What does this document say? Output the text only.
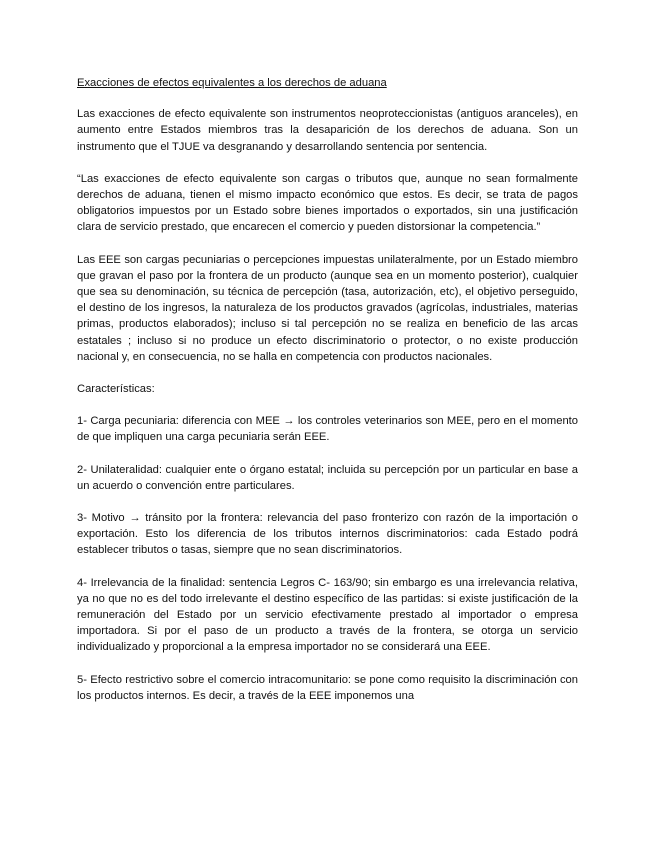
Exacciones de efectos equivalentes a los derechos de aduana

Las exacciones de efecto equivalente son instrumentos neoproteccionistas (antiguos aranceles), en aumento entre Estados miembros tras la desaparición de los derechos de aduana. Son un instrumento que el TJUE va desgranando y desarrollando sentencia por sentencia.

“Las exacciones de efecto equivalente son cargas o tributos que, aunque no sean formalmente derechos de aduana, tienen el mismo impacto económico que estos. Es decir, se trata de pagos obligatorios impuestos por un Estado sobre bienes importados o exportados, sin una justificación clara de servicio prestado, que encarecen el comercio y pueden distorsionar la competencia.”

Las EEE son cargas pecuniarias o percepciones impuestas unilateralmente, por un Estado miembro que gravan el paso por la frontera de un producto (aunque sea en un momento posterior), cualquier que sea su denominación, su técnica de percepción (tasa, autorización, etc), el objetivo perseguido, el destino de los ingresos, la naturaleza de los productos gravados (agrícolas, industriales, materias primas, productos elaborados); incluso si tal percepción no se realiza en beneficio de las arcas estatales ; incluso si no produce un efecto discriminatorio o protector, o no existe producción nacional y, en consecuencia, no se halla en competencia con productos nacionales.

Características:

1- Carga pecuniaria: diferencia con MEE → los controles veterinarios son MEE, pero en el momento de que impliquen una carga pecuniaria serán EEE.

2- Unilateralidad: cualquier ente o órgano estatal; incluida su percepción por un particular en base a un acuerdo o convención entre particulares.

3- Motivo → tránsito por la frontera: relevancia del paso fronterizo con razón de la importación o exportación. Esto los diferencia de los tributos internos discriminatorios: cada Estado podrá establecer tributos o tasas, siempre que no sean discriminatorios.

4- Irrelevancia de la finalidad: sentencia Legros C- 163/90; sin embargo es una irrelevancia relativa, ya no que no es del todo irrelevante el destino específico de las partidas: si existe justificación de la remuneración del Estado por un servicio efectivamente prestado al importador o empresa importadora. Si por el paso de un producto a través de la frontera, se otorga un servicio individualizado y proporcional a la empresa importador no se considerará una EEE.

5- Efecto restrictivo sobre el comercio intracomunitario: se pone como requisito la discriminación con los productos internos. Es decir, a través de la EEE imponemos una
